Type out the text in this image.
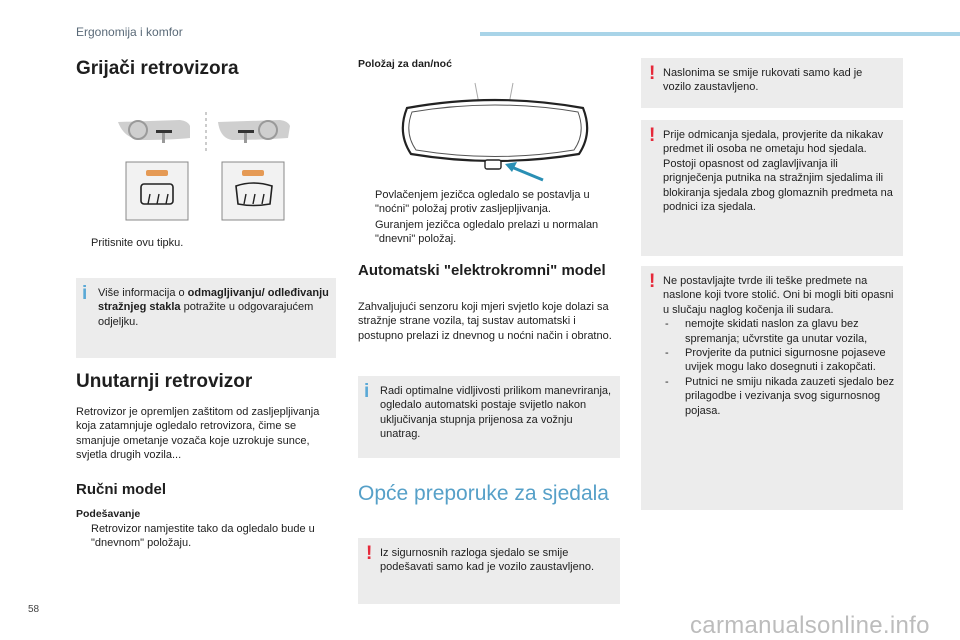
Ergonomija i komfor
Grijači retrovizora
Pritisnite ovu tipku.
i Više informacija o odmagljivanju/ odleđivanju stražnjeg stakla potražite u odgovarajućem odjeljku.
Unutarnji retrovizor
Retrovizor je opremljen zaštitom od zasljepljivanja koja zatamnjuje ogledalo retrovizora, čime se smanjuje ometanje vozača koje uzrokuje sunce, svjetla drugih vozila...
Ručni model
Podešavanje
Retrovizor namjestite tako da ogledalo bude u "dnevnom" položaju.
Položaj za dan/noć
Povlačenjem jezičca ogledalo se postavlja u "noćni" položaj protiv zasljepljivanja.
Guranjem jezičca ogledalo prelazi u normalan "dnevni" položaj.
Automatski "elektrokromni" model
Zahvaljujući senzoru koji mjeri svjetlo koje dolazi sa stražnje strane vozila, taj sustav automatski i postupno prelazi iz dnevnog u noćni način i obratno.
i Radi optimalne vidljivosti prilikom manevriranja, ogledalo automatski postaje svijetlo nakon uključivanja stupnja prijenosa za vožnju unatrag.
Opće preporuke za sjedala
! Iz sigurnosnih razloga sjedalo se smije podešavati samo kad je vozilo zaustavljeno.
! Naslonima se smije rukovati samo kad je vozilo zaustavljeno.
! Prije odmicanja sjedala, provjerite da nikakav predmet ili osoba ne ometaju hod sjedala.
Postoji opasnost od zaglavljivanja ili prignječenja putnika na stražnjim sjedalima ili blokiranja sjedala zbog glomaznih predmeta na podnici iza sjedala.
! Ne postavljajte tvrde ili teške predmete na naslone koji tvore stolić. Oni bi mogli biti opasni u slučaju naglog kočenja ili sudara.
- nemojte skidati naslon za glavu bez spremanja; učvrstite ga unutar vozila,
- Provjerite da putnici sigurnosne pojaseve uvijek mogu lako dosegnuti i zakopčati.
- Putnici ne smiju nikada zauzeti sjedalo bez prilagodbe i vezivanja svog sigurnosnog pojasa.
58
carmanualsonline.info
